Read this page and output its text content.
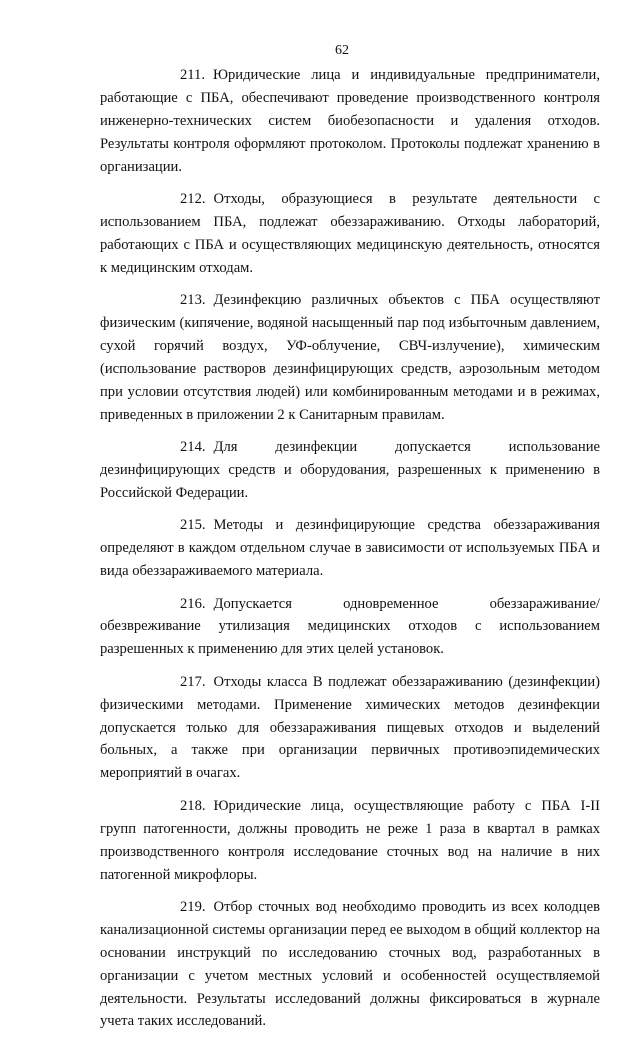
62

211. Юридические лица и индивидуальные предприниматели, работающие с ПБА, обеспечивают проведение производственного контроля инженерно-технических систем биобезопасности и удаления отходов. Результаты контроля оформляют протоколом. Протоколы подлежат хранению в организации.

212. Отходы, образующиеся в результате деятельности с использованием ПБА, подлежат обеззараживанию. Отходы лабораторий, работающих с ПБА и осуществляющих медицинскую деятельность, относятся к медицинским отходам.

213. Дезинфекцию различных объектов с ПБА осуществляют физическим (кипячение, водяной насыщенный пар под избыточным давлением, сухой горячий воздух, УФ-облучение, СВЧ-излучение), химическим (использование растворов дезинфицирующих средств, аэрозольным методом при условии отсутствия людей) или комбинированным методами и в режимах, приведенных в приложении 2 к Санитарным правилам.

214. Для дезинфекции допускается использование дезинфицирующих средств и оборудования, разрешенных к применению в Российской Федерации.

215. Методы и дезинфицирующие средства обеззараживания определяют в каждом отдельном случае в зависимости от используемых ПБА и вида обеззараживаемого материала.

216. Допускается одновременное обеззараживание/обезвреживание утилизация медицинских отходов с использованием разрешенных к применению для этих целей установок.

217. Отходы класса В подлежат обеззараживанию (дезинфекции) физическими методами. Применение химических методов дезинфекции допускается только для обеззараживания пищевых отходов и выделений больных, а также при организации первичных противоэпидемических мероприятий в очагах.

218. Юридические лица, осуществляющие работу с ПБА I-II групп патогенности, должны проводить не реже 1 раза в квартал в рамках производственного контроля исследование сточных вод на наличие в них патогенной микрофлоры.

219. Отбор сточных вод необходимо проводить из всех колодцев канализационной системы организации перед ее выходом в общий коллектор на основании инструкций по исследованию сточных вод, разработанных в организации с учетом местных условий и особенностей осуществляемой деятельности. Результаты исследований должны фиксироваться в журнале учета таких исследований.
